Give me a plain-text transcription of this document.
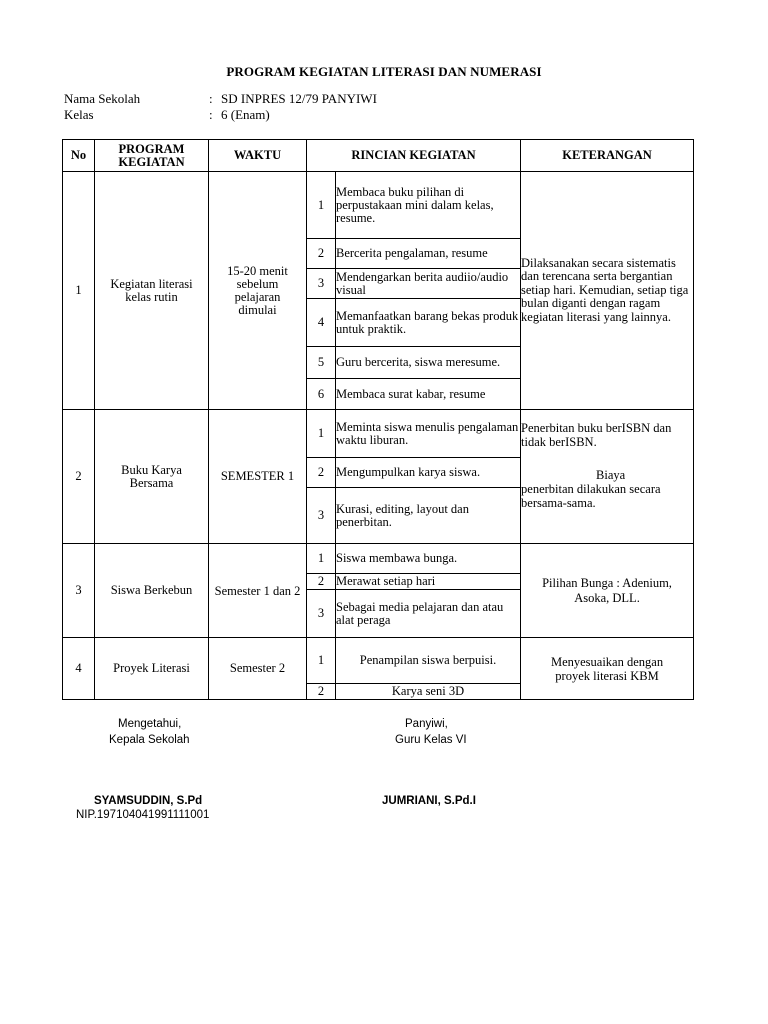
PROGRAM KEGIATAN LITERASI DAN NUMERASI
Nama Sekolah	: SD INPRES 12/79 PANYIWI
Kelas	: 6 (Enam)
No	PROGRAM KEGIATAN	WAKTU	RINCIAN KEGIATAN		KETERANGAN
1	Kegiatan literasi kelas rutin	15-20 menit sebelum pelajaran dimulai	1	Membaca buku pilihan di perpustakaan mini dalam kelas, resume.	Dilaksanakan secara sistematis dan terencana serta bergantian setiap hari. Kemudian, setiap tiga bulan diganti dengan ragam kegiatan literasi yang lainnya.
			2	Bercerita pengalaman, resume	
			3	Mendengarkan berita audiio/audio visual	
			4	Memanfaatkan barang bekas produk untuk praktik.	
			5	Guru bercerita, siswa meresume.	
			6	Membaca surat kabar, resume	
2	Buku Karya Bersama	SEMESTER 1	1	Meminta siswa menulis pengalaman waktu liburan.	Penerbitan buku berISBN dan tidak berISBN.
Biaya
penerbitan dilakukan secara bersama-sama.

			2	Mengumpulkan karya siswa.	
			3	Kurasi, editing, layout dan penerbitan.	
3	Siswa Berkebun	Semester 1 dan 2	1	Siswa membawa bunga.	Pilihan Bunga : Adenium, Asoka, DLL.
			2	Merawat setiap hari	
			3	Sebagai media pelajaran dan atau alat peraga	
4	Proyek Literasi	Semester 2	1	Penampilan siswa berpuisi.	Menyesuaikan dengan proyek literasi KBM
			2	Karya seni 3D	
Mengetahui,
Kepala Sekolah
Panyiwi,
Guru Kelas VI
SYAMSUDDIN, S.Pd
NIP.197104041991111001
JUMRIANI, S.Pd.I
